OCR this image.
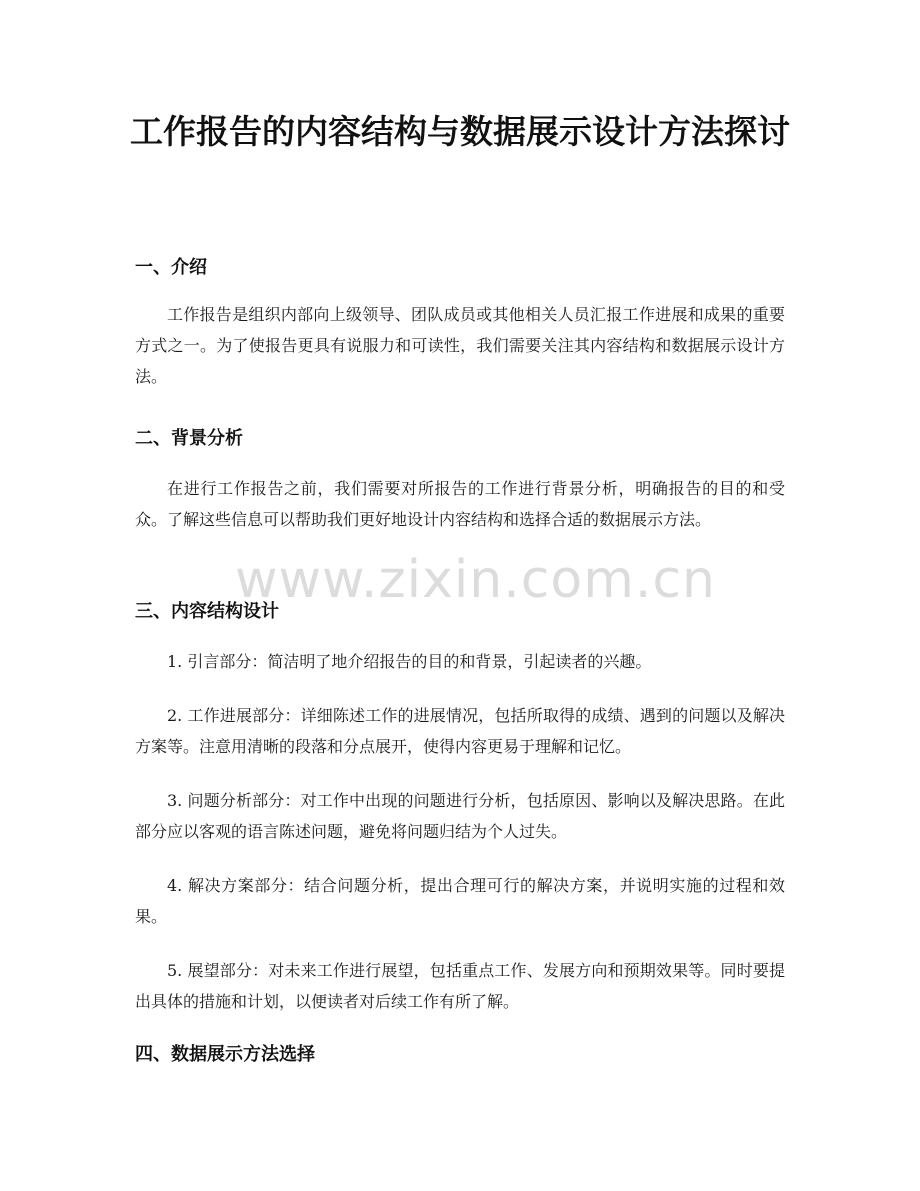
工作报告的内容结构与数据展示设计方法探讨
一、介绍

工作报告是组织内部向上级领导、团队成员或其他相关人员汇报工作进展和成果的重要方式之一。为了使报告更具有说服力和可读性，我们需要关注其内容结构和数据展示设计方法。

二、背景分析

在进行工作报告之前，我们需要对所报告的工作进行背景分析，明确报告的目的和受众。了解这些信息可以帮助我们更好地设计内容结构和选择合适的数据展示方法。

三、内容结构设计

1. 引言部分：简洁明了地介绍报告的目的和背景，引起读者的兴趣。

2. 工作进展部分：详细陈述工作的进展情况，包括所取得的成绩、遇到的问题以及解决方案等。注意用清晰的段落和分点展开，使得内容更易于理解和记忆。

3. 问题分析部分：对工作中出现的问题进行分析，包括原因、影响以及解决思路。在此部分应以客观的语言陈述问题，避免将问题归结为个人过失。

4. 解决方案部分：结合问题分析，提出合理可行的解决方案，并说明实施的过程和效果。

5. 展望部分：对未来工作进行展望，包括重点工作、发展方向和预期效果等。同时要提出具体的措施和计划，以便读者对后续工作有所了解。

四、数据展示方法选择
www.zixin.com.cn
